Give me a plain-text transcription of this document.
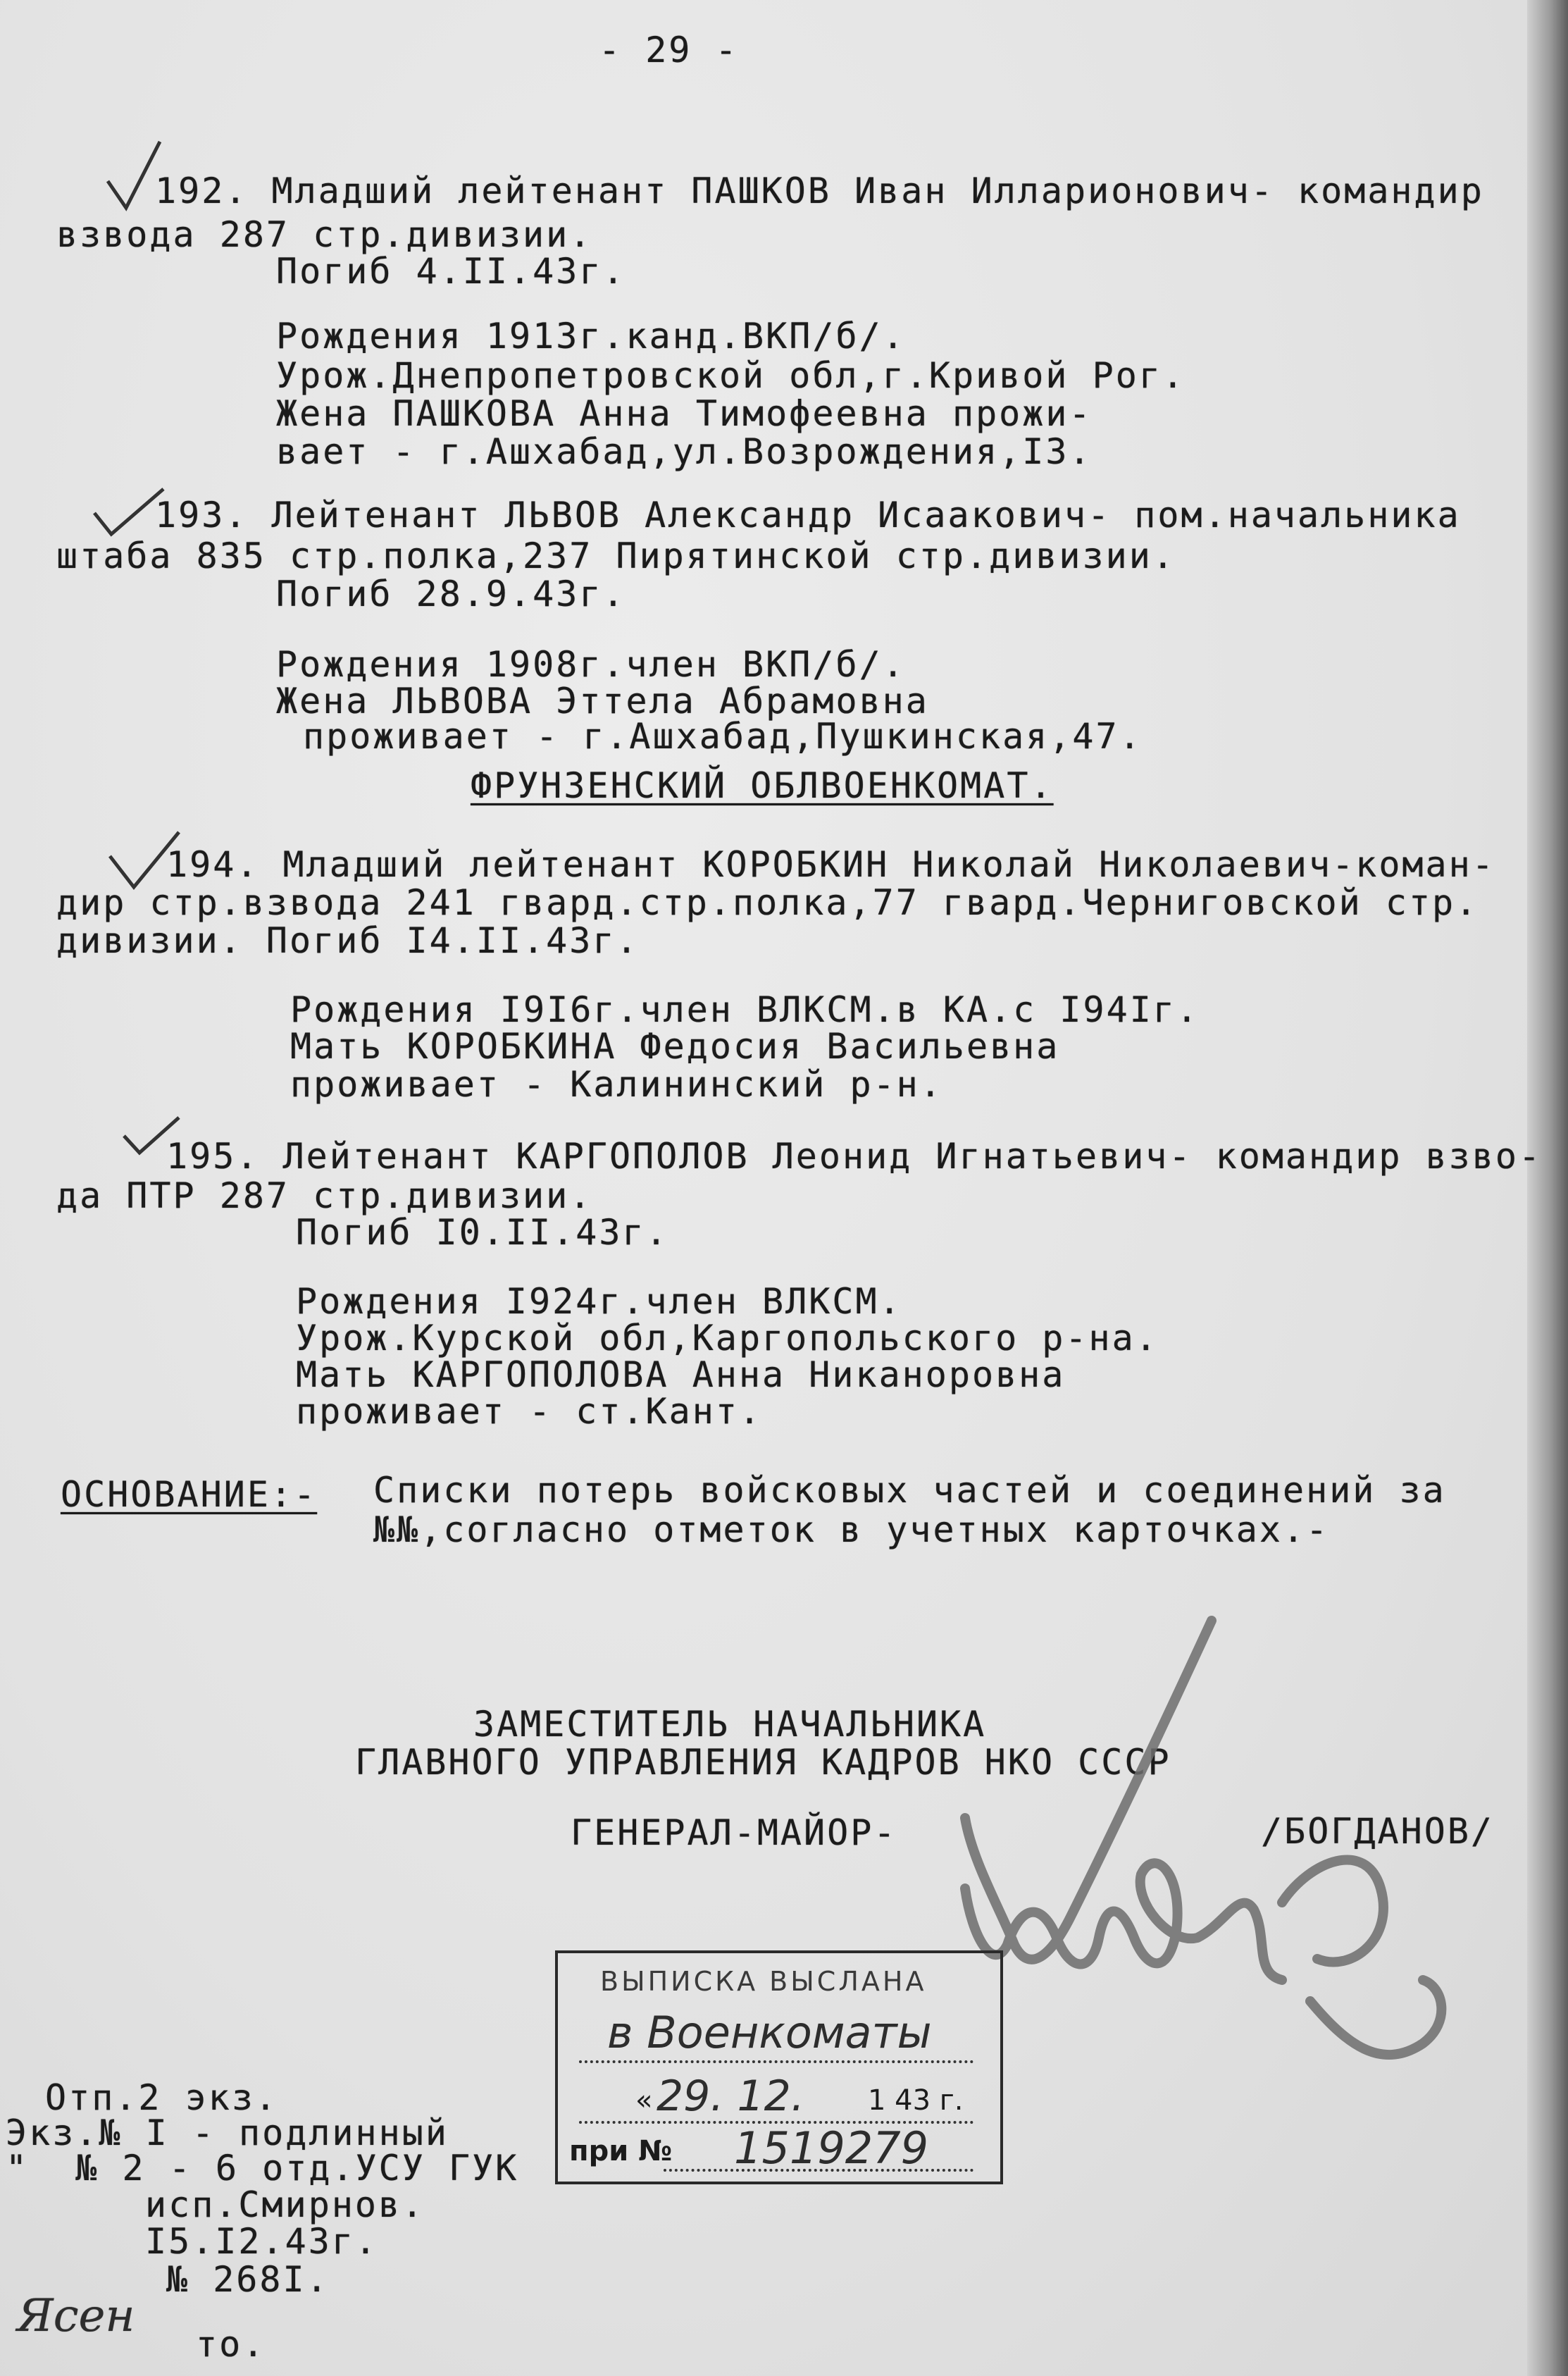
- 29 -
192. Младший лейтенант ПАШКОВ Иван Илларионович- командир
взвода 287 стр.дивизии.
Погиб 4.II.43г.
Рождения 1913г.канд.ВКП/б/.
Урож.Днепропетровской обл,г.Кривой Рог.
Жена ПАШКОВА Анна Тимофеевна прожи-
вает - г.Ашхабад,ул.Возрождения,I3.
193. Лейтенант ЛЬВОВ Александр Исаакович- пом.начальника
штаба 835 стр.полка,237 Пирятинской стр.дивизии.
Погиб 28.9.43г.
Рождения 1908г.член ВКП/б/.
Жена ЛЬВОВА Эттела Абрамовна
проживает - г.Ашхабад,Пушкинская,47.
ФРУНЗЕНСКИЙ ОБЛВОЕНКОМАТ.
194. Младший лейтенант КОРОБКИН Николай Николаевич-коман-
дир стр.взвода 241 гвард.стр.полка,77 гвард.Черниговской стр.
дивизии. Погиб I4.II.43г.
Рождения I9I6г.член ВЛКСМ.в КА.с I94Iг.
Мать КОРОБКИНА Федосия Васильевна
проживает - Калининский р-н.
195. Лейтенант КАРГОПОЛОВ Леонид Игнатьевич- командир взво-
да ПТР 287 стр.дивизии.
Погиб I0.II.43г.
Рождения I924г.член ВЛКСМ.
Урож.Курской обл,Каргопольского р-на.
Мать КАРГОПОЛОВА Анна Никаноровна
проживает - ст.Кант.
ОСНОВАНИЕ:- Списки потерь войсковых частей и соединений за
№№,согласно отметок в учетных карточках.-
ЗАМЕСТИТЕЛЬ НАЧАЛЬНИКА
ГЛАВНОГО УПРАВЛЕНИЯ КАДРОВ НКО СССР
ГЕНЕРАЛ-МАЙОР-	/БОГДАНОВ/
ВЫПИСКА ВЫСЛАНА
в Военкоматы
« 29. 12. 1 43 г.
при № 1519279
Отп.2 экз.
Экз.№ I - подлинный
"  № 2 - 6 отд.УСУ ГУК
исп.Смирнов.
I5.I2.43г.
№ 268I.
Ясен
то.
